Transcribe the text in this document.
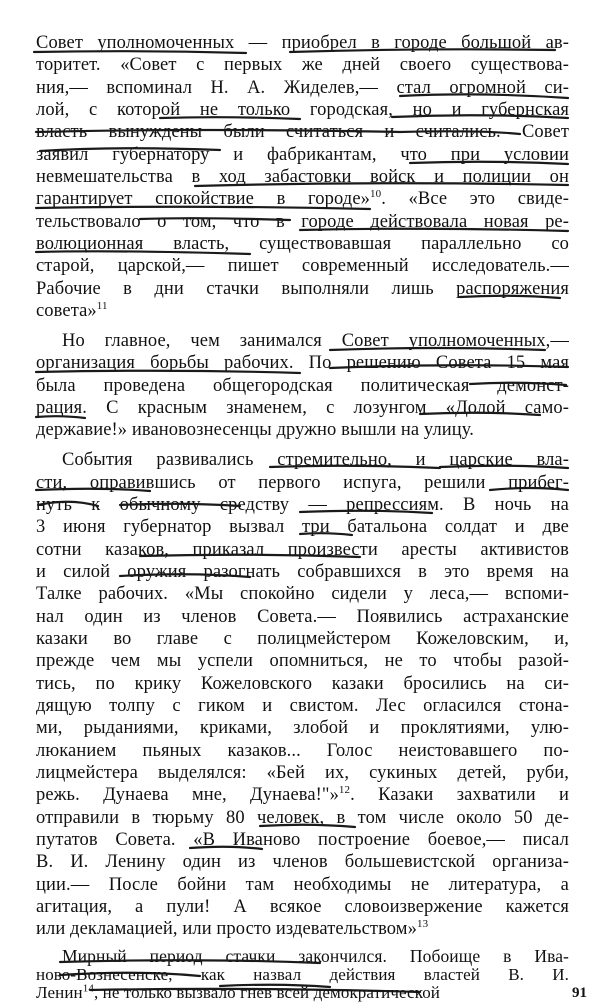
Совет уполномоченных — приобрел в городе большой ав-
торитет. «Совет с первых же дней своего существова-
ния,— вспоминал Н. А. Жиделев,— стал огромной си-
лой, с которой не только городская, но и губернская
власть вынуждены были считаться и считались. Совет
заявил губернатору и фабрикантам, что при условии
невмешательства в ход забастовки войск и полиции он
гарантирует спокойствие в городе»$^{10}$. «Все это свиде-
тельствовало о том, что в городе действовала новая ре-
волюционная власть, существовавшая параллельно со
старой, царской,— пишет современный исследователь.—
Рабочие в дни стачки выполняли лишь распоряжения
совета»$^{11}$
Но главное, чем занимался Совет уполномоченных,—
организация борьбы рабочих. По решению Совета 15 мая
была проведена общегородская политическая демонст-
рация. С красным знаменем, с лозунгом «Долой само-
державие!» ивановознесенцы дружно вышли на улицу.
События развивались стремительно, и царские вла-
сти, оправившись от первого испуга, решили прибег-
нуть к обычному средству — репрессиям. В ночь на
3 июня губернатор вызвал три батальона солдат и две
сотни казаков, приказал произвести аресты активистов
и силой оружия разогнать собравшихся в это время на
Талке рабочих. «Мы спокойно сидели у леса,— вспоми-
нал один из членов Совета.— Появились астраханские
казаки во главе с полицмейстером Кожеловским, и,
прежде чем мы успели опомниться, не то чтобы разой-
тись, по крику Кожеловского казаки бросились на си-
дящую толпу с гиком и свистом. Лес огласился стона-
ми, рыданиями, криками, злобой и проклятиями, улю-
люканием пьяных казаков... Голос неистовавшего по-
лицмейстера выделялся: «Бей их, сукиных детей, руби,
режь. Дунаева мне, Дунаева!"»$^{12}$. Казаки захватили и
отправили в тюрьму 80 человек, в том числе около 50 де-
путатов Совета. «В Иваново построение боевое,— писал
В. И. Ленину один из членов большевистской организа-
ции.— После бойни там необходимы не литература, а
агитация, а пули! А всякое словоизвержение кажется
или декламацией, или просто издевательством»$^{13}$
Мирный период стачки закончился. Побоище в Ива-
91
ново-Вознесенске, как назвал действия властей В. И.
Ленин$^{14}$, не только вызвало гнев всей демократической
